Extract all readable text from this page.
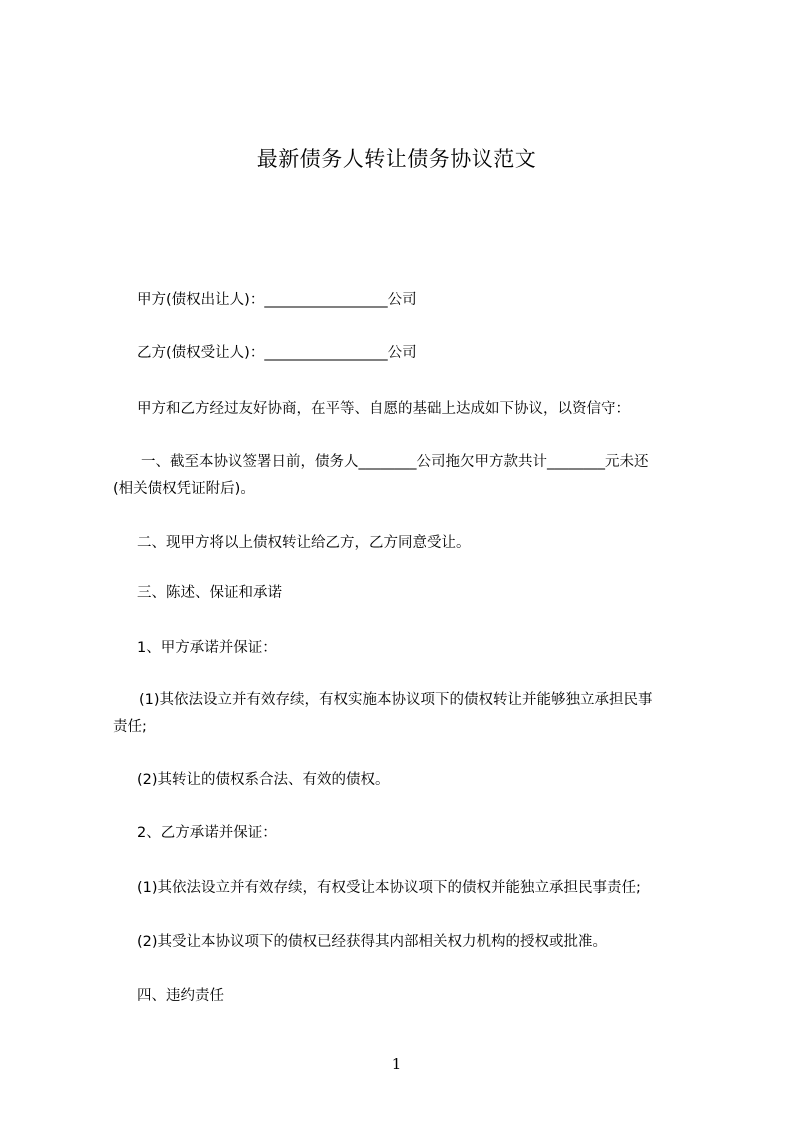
最新债务人转让债务协议范文
甲方(债权出让人)：_________________公司
乙方(债权受让人)：_________________公司
甲方和乙方经过友好协商，在平等、自愿的基础上达成如下协议，以资信守：
一、截至本协议签署日前，债务人________公司拖欠甲方款共计________元未还
(相关债权凭证附后)。
二、现甲方将以上债权转让给乙方，乙方同意受让。
三、陈述、保证和承诺
1、甲方承诺并保证：
(1)其依法设立并有效存续，有权实施本协议项下的债权转让并能够独立承担民事
责任;
(2)其转让的债权系合法、有效的债权。
2、乙方承诺并保证：
(1)其依法设立并有效存续，有权受让本协议项下的债权并能独立承担民事责任;
(2)其受让本协议项下的债权已经获得其内部相关权力机构的授权或批准。
四、违约责任
1
